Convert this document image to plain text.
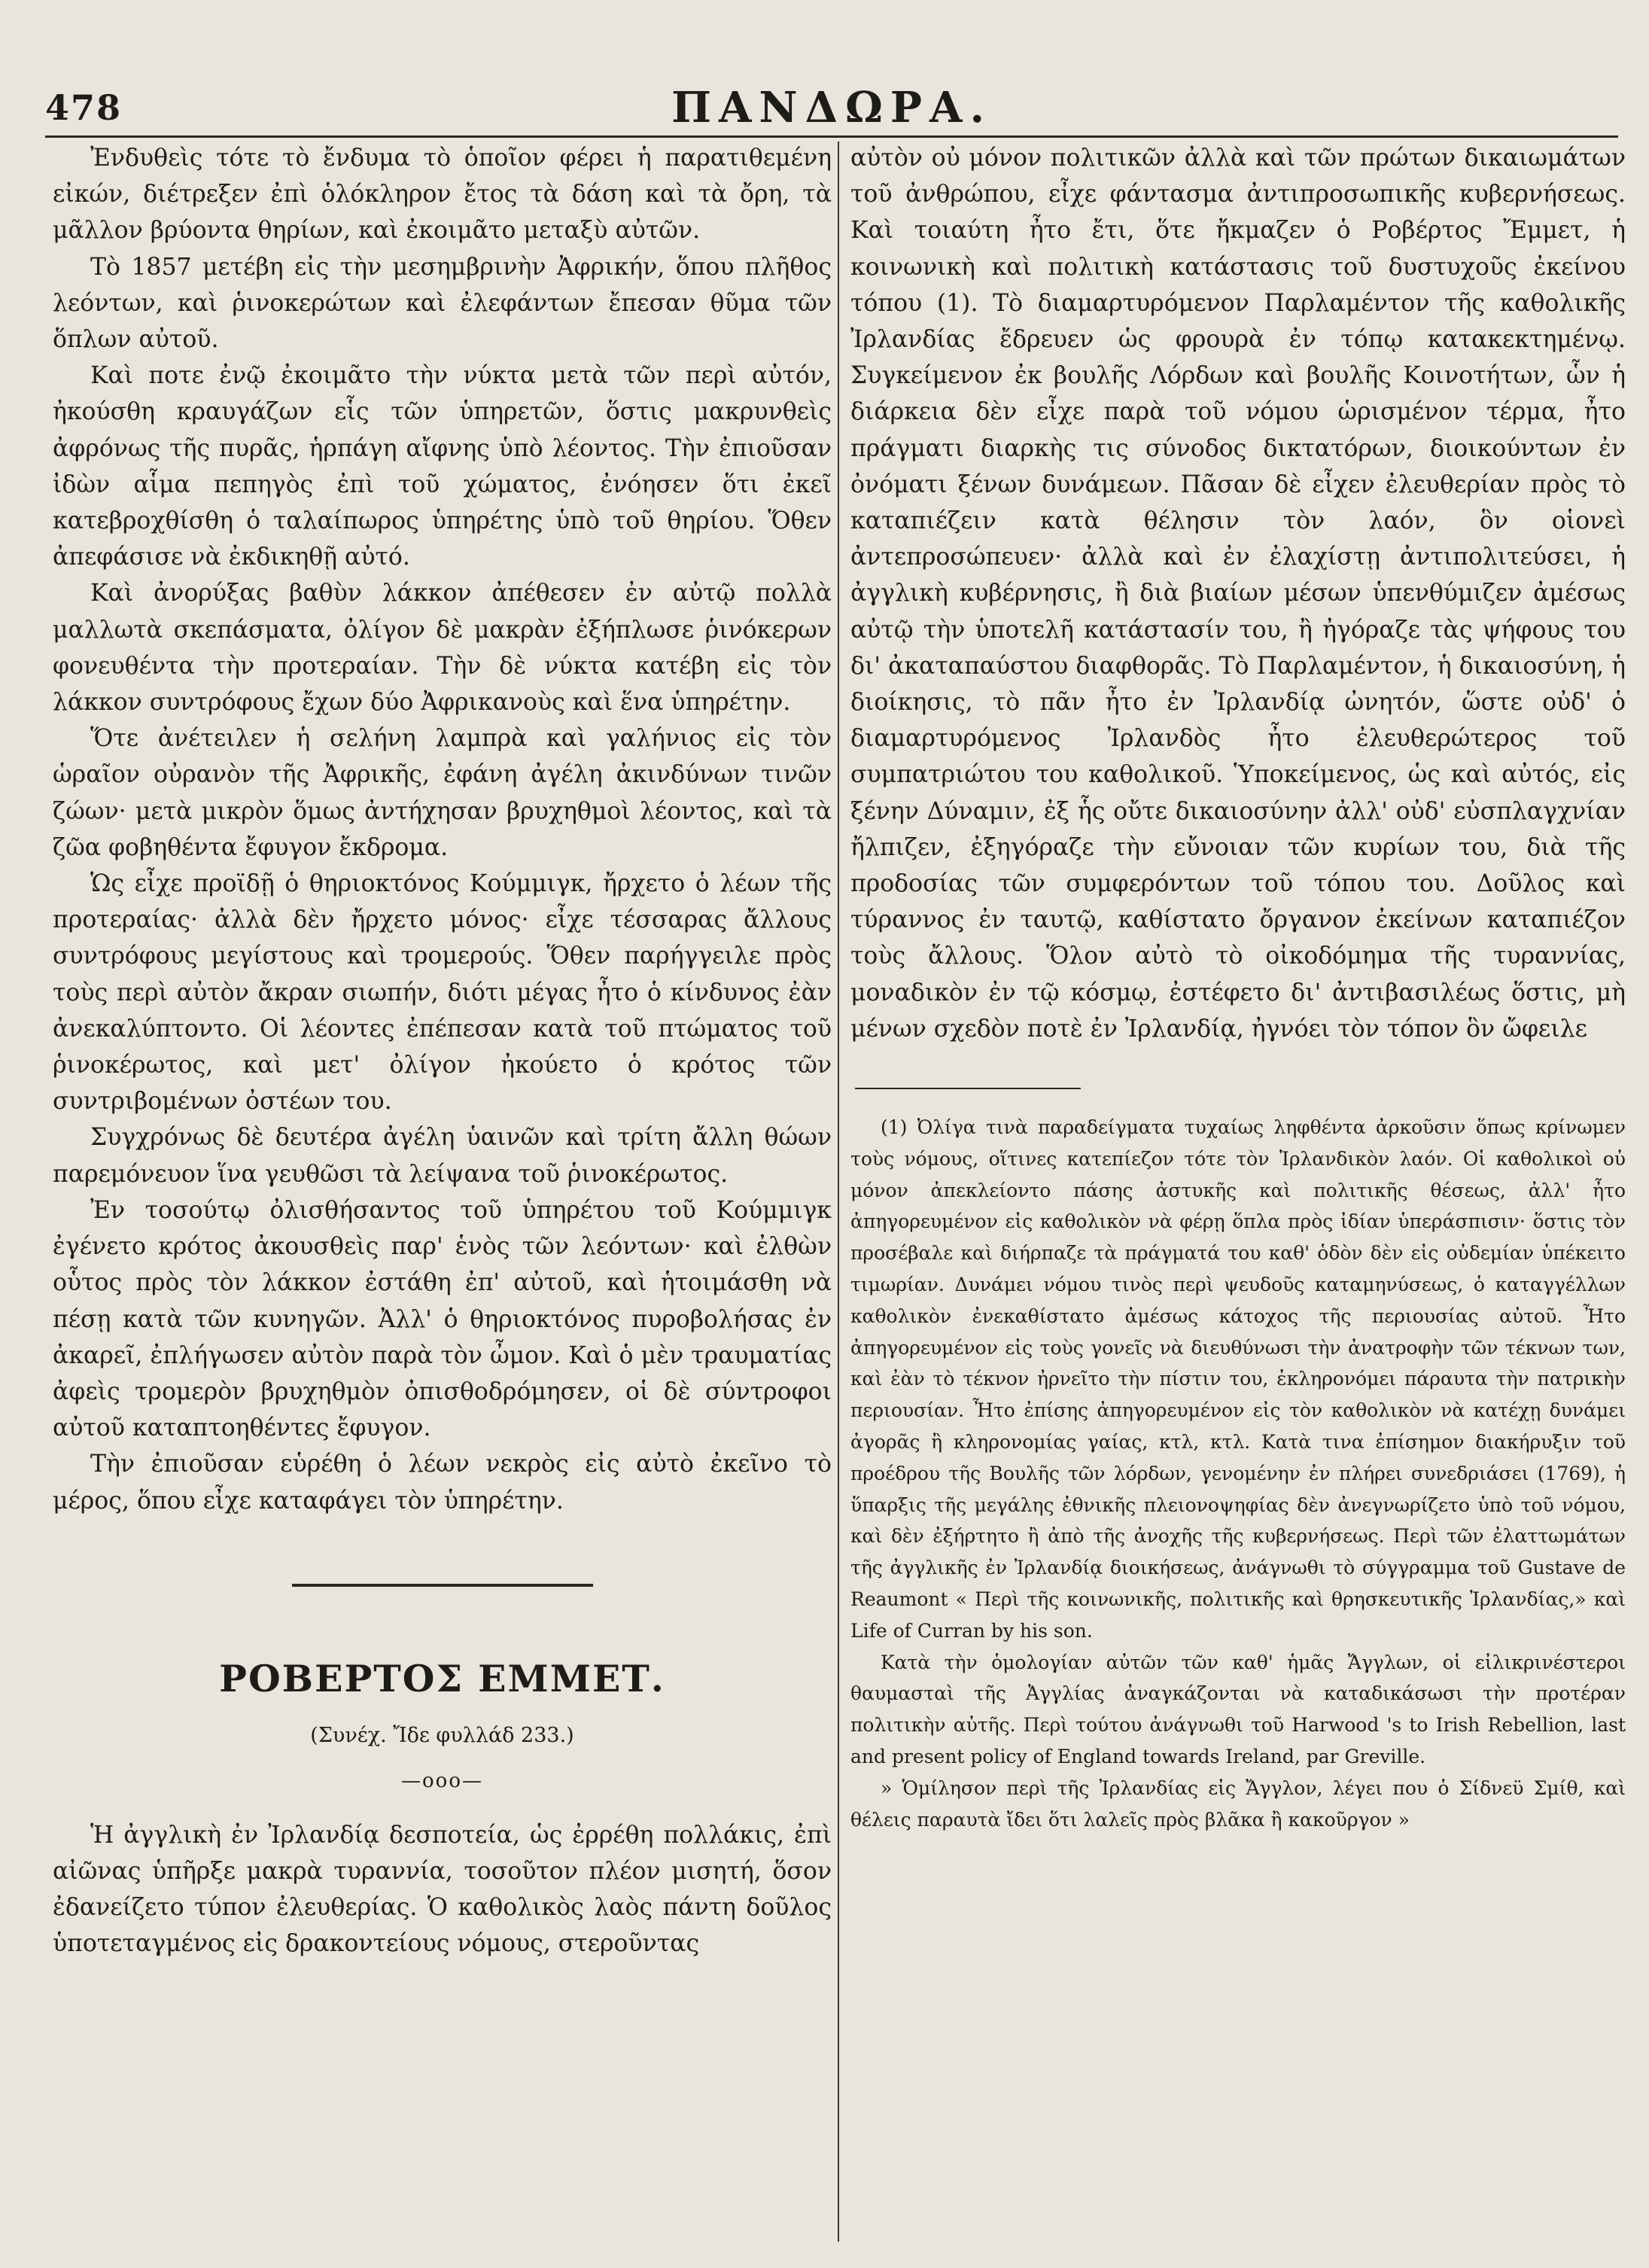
ΠΑΝΔΩΡΑ.
478

Ἐνδυθεὶς τότε τὸ ἔνδυμα τὸ ὁποῖον φέρει ἡ παρατιθεμένη εἰκών, διέτρεξεν ἐπὶ ὁλόκληρον ἔτος τὰ δάση καὶ τὰ ὄρη, τὰ μᾶλλον βρύοντα θηρίων, καὶ ἐκοιμᾶτο μεταξὺ αὐτῶν.

Τὸ 1857 μετέβη εἰς τὴν μεσημβρινὴν Ἀφρικήν, ὅπου πλῆθος λεόντων, καὶ ῥινοκερώτων καὶ ἐλεφάντων ἔπεσαν θῦμα τῶν ὅπλων αὐτοῦ.

Καὶ ποτε ἐνῷ ἐκοιμᾶτο τὴν νύκτα μετὰ τῶν περὶ αὐτόν, ἠκούσθη κραυγάζων εἷς τῶν ὑπηρετῶν, ὅστις μακρυνθεὶς ἀφρόνως τῆς πυρᾶς, ἡρπάγη αἴφνης ὑπὸ λέοντος. Τὴν ἐπιοῦσαν ἰδὼν αἷμα πεπηγὸς ἐπὶ τοῦ χώματος, ἐνόησεν ὅτι ἐκεῖ κατεβροχθίσθη ὁ ταλαίπωρος ὑπηρέτης ὑπὸ τοῦ θηρίου. Ὅθεν ἀπεφάσισε νὰ ἐκδικηθῇ αὐτό.

Καὶ ἀνορύξας βαθὺν λάκκον ἀπέθεσεν ἐν αὐτῷ πολλὰ μαλλωτὰ σκεπάσματα, ὀλίγον δὲ μακρὰν ἐξήπλωσε ῥινόκερων φονευθέντα τὴν προτεραίαν. Τὴν δὲ νύκτα κατέβη εἰς τὸν λάκκον συντρόφους ἔχων δύο Ἀφρικανοὺς καὶ ἕνα ὑπηρέτην.

Ὅτε ἀνέτειλεν ἡ σελήνη λαμπρὰ καὶ γαλήνιος εἰς τὸν ὡραῖον οὐρανὸν τῆς Ἀφρικῆς, ἐφάνη ἀγέλη ἀκινδύνων τινῶν ζώων· μετὰ μικρὸν ὅμως ἀντήχησαν βρυχηθμοὶ λέοντος, καὶ τὰ ζῶα φοβηθέντα ἔφυγον ἔκδρομα.

Ὡς εἶχε προϊδῇ ὁ θηριοκτόνος Κούμμιγκ, ἤρχετο ὁ λέων τῆς προτεραίας· ἀλλὰ δὲν ἤρχετο μόνος· εἶχε τέσσαρας ἄλλους συντρόφους μεγίστους καὶ τρομερούς. Ὅθεν παρήγγειλε πρὸς τοὺς περὶ αὐτὸν ἄκραν σιωπήν, διότι μέγας ἦτο ὁ κίνδυνος ἐὰν ἀνεκαλύπτοντο. Οἱ λέοντες ἐπέπεσαν κατὰ τοῦ πτώματος τοῦ ῥινοκέρωτος, καὶ μετ' ὀλίγον ἠκούετο ὁ κρότος τῶν συντριβομένων ὀστέων του.

Συγχρόνως δὲ δευτέρα ἀγέλη ὑαινῶν καὶ τρίτη ἄλλη θώων παρεμόνευον ἵνα γευθῶσι τὰ λείψανα τοῦ ῥινοκέρωτος.

Ἐν τοσούτῳ ὀλισθήσαντος τοῦ ὑπηρέτου τοῦ Κούμμιγκ ἐγένετο κρότος ἀκουσθεὶς παρ' ἑνὸς τῶν λεόντων· καὶ ἐλθὼν οὗτος πρὸς τὸν λάκκον ἐστάθη ἐπ' αὐτοῦ, καὶ ἡτοιμάσθη νὰ πέσῃ κατὰ τῶν κυνηγῶν. Ἀλλ' ὁ θηριοκτόνος πυροβολήσας ἐν ἀκαρεῖ, ἐπλήγωσεν αὐτὸν παρὰ τὸν ὦμον. Καὶ ὁ μὲν τραυματίας ἀφεὶς τρομερὸν βρυχηθμὸν ὀπισθοδρόμησεν, οἱ δὲ σύντροφοι αὐτοῦ καταπτοηθέντες ἔφυγον.

Τὴν ἐπιοῦσαν εὑρέθη ὁ λέων νεκρὸς εἰς αὐτὸ ἐκεῖνο τὸ μέρος, ὅπου εἶχε καταφάγει τὸν ὑπηρέτην.

ΡΟΒΕΡΤΟΣ ΕΜΜΕΤ.

(Συνέχ. Ἴδε φυλλάδ 233.)

—ooo—

Ἡ ἀγγλικὴ ἐν Ἰρλανδίᾳ δεσποτεία, ὡς ἐρρέθη πολλάκις, ἐπὶ αἰῶνας ὑπῆρξε μακρὰ τυραννία, τοσοῦτον πλέον μισητή, ὅσον ἐδανείζετο τύπον ἐλευθερίας. Ὁ καθολικὸς λαὸς πάντη δοῦλος ὑποτεταγμένος εἰς δρακοντείους νόμους, στεροῦντας

αὐτὸν οὐ μόνον πολιτικῶν ἀλλὰ καὶ τῶν πρώτων δικαιωμάτων τοῦ ἀνθρώπου, εἶχε φάντασμα ἀντιπροσωπικῆς κυβερνήσεως. Καὶ τοιαύτη ἦτο ἔτι, ὅτε ἤκμαζεν ὁ Ροβέρτος Ἔμμετ, ἡ κοινωνικὴ καὶ πολιτικὴ κατάστασις τοῦ δυστυχοῦς ἐκείνου τόπου (1). Τὸ διαμαρτυρόμενον Παρλαμέντον τῆς καθολικῆς Ἰρλανδίας ἔδρευεν ὡς φρουρὰ ἐν τόπῳ κατακεκτημένῳ. Συγκείμενον ἐκ βουλῆς Λόρδων καὶ βουλῆς Κοινοτήτων, ὧν ἡ διάρκεια δὲν εἶχε παρὰ τοῦ νόμου ὡρισμένον τέρμα, ἦτο πράγματι διαρκὴς τις σύνοδος δικτατόρων, διοικούντων ἐν ὀνόματι ξένων δυνάμεων. Πᾶσαν δὲ εἶχεν ἐλευθερίαν πρὸς τὸ καταπιέζειν κατὰ θέλησιν τὸν λαόν, ὃν οἱονεὶ ἀντεπροσώπευεν· ἀλλὰ καὶ ἐν ἐλαχίστῃ ἀντιπολιτεύσει, ἡ ἀγγλικὴ κυβέρνησις, ἢ διὰ βιαίων μέσων ὑπενθύμιζεν ἀμέσως αὐτῷ τὴν ὑποτελῆ κατάστασίν του, ἢ ἠγόραζε τὰς ψήφους του δι' ἀκαταπαύστου διαφθορᾶς. Τὸ Παρλαμέντον, ἡ δικαιοσύνη, ἡ διοίκησις, τὸ πᾶν ἦτο ἐν Ἰρλανδίᾳ ὠνητόν, ὥστε οὐδ' ὁ διαμαρτυρόμενος Ἰρλανδὸς ἦτο ἐλευθερώτερος τοῦ συμπατριώτου του καθολικοῦ. Ὑποκείμενος, ὡς καὶ αὐτός, εἰς ξένην Δύναμιν, ἐξ ἧς οὔτε δικαιοσύνην ἀλλ' οὐδ' εὐσπλαγχνίαν ἤλπιζεν, ἐξηγόραζε τὴν εὔνοιαν τῶν κυρίων του, διὰ τῆς προδοσίας τῶν συμφερόντων τοῦ τόπου του. Δοῦλος καὶ τύραννος ἐν ταυτῷ, καθίστατο ὄργανον ἐκείνων καταπιέζον τοὺς ἄλλους. Ὅλον αὐτὸ τὸ οἰκοδόμημα τῆς τυραννίας, μοναδικὸν ἐν τῷ κόσμῳ, ἐστέφετο δι' ἀντιβασιλέως ὅστις, μὴ μένων σχεδὸν ποτὲ ἐν Ἰρλανδίᾳ, ἠγνόει τὸν τόπον ὃν ὤφειλε

(1) Ὀλίγα τινὰ παραδείγματα τυχαίως ληφθέντα ἀρκοῦσιν ὅπως κρίνωμεν τοὺς νόμους, οἵτινες κατεπίεζον τότε τὸν Ἰρλανδικὸν λαόν. Οἱ καθολικοὶ οὐ μόνον ἀπεκλείοντο πάσης ἀστυκῆς καὶ πολιτικῆς θέσεως, ἀλλ' ἦτο ἀπηγορευμένον εἰς καθολικὸν νὰ φέρῃ ὅπλα πρὸς ἰδίαν ὑπεράσπισιν· ὅστις τὸν προσέβαλε καὶ διήρπαζε τὰ πράγματά του καθ' ὁδὸν δὲν εἰς οὐδεμίαν ὑπέκειτο τιμωρίαν. Δυνάμει νόμου τινὸς περὶ ψευδοῦς καταμηνύσεως, ὁ καταγγέλλων καθολικὸν ἐνεκαθίστατο ἀμέσως κάτοχος τῆς περιουσίας αὐτοῦ. Ἦτο ἀπηγορευμένον εἰς τοὺς γονεῖς νὰ διευθύνωσι τὴν ἀνατροφὴν τῶν τέκνων των, καὶ ἐὰν τὸ τέκνον ἠρνεῖτο τὴν πίστιν του, ἐκληρονόμει πάραυτα τὴν πατρικὴν περιουσίαν. Ἦτο ἐπίσης ἀπηγορευμένον εἰς τὸν καθολικὸν νὰ κατέχῃ δυνάμει ἀγορᾶς ἢ κληρονομίας γαίας, κτλ, κτλ. Κατὰ τινα ἐπίσημον διακήρυξιν τοῦ προέδρου τῆς Βουλῆς τῶν λόρδων, γενομένην ἐν πλήρει συνεδριάσει (1769), ἡ ὕπαρξις τῆς μεγάλης ἐθνικῆς πλειονοψηφίας δὲν ἀνεγνωρίζετο ὑπὸ τοῦ νόμου, καὶ δὲν ἐξήρτητο ἢ ἀπὸ τῆς ἀνοχῆς τῆς κυβερνήσεως. Περὶ τῶν ἐλαττωμάτων τῆς ἀγγλικῆς ἐν Ἰρλανδίᾳ διοικήσεως, ἀνάγνωθι τὸ σύγγραμμα τοῦ Gustave de Reaumont « Περὶ τῆς κοινωνικῆς, πολιτικῆς καὶ θρησκευτικῆς Ἰρλανδίας,» καὶ Life of Curran by his son.

Κατὰ τὴν ὁμολογίαν αὐτῶν τῶν καθ' ἡμᾶς Ἄγγλων, οἱ εἰλικρινέστεροι θαυμασταὶ τῆς Ἀγγλίας ἀναγκάζονται νὰ καταδικάσωσι τὴν προτέραν πολιτικὴν αὐτῆς. Περὶ τούτου ἀνάγνωθι τοῦ Harwood 's to Irish Rebellion, last and present policy of England towards Ireland, par Greville.

» Ὁμίλησον περὶ τῆς Ἰρλανδίας εἰς Ἄγγλον, λέγει που ὁ Σίδνεϋ Σμίθ, καὶ θέλεις παραυτὰ ἴδει ὅτι λαλεῖς πρὸς βλᾶκα ἢ κακοῦργον »
